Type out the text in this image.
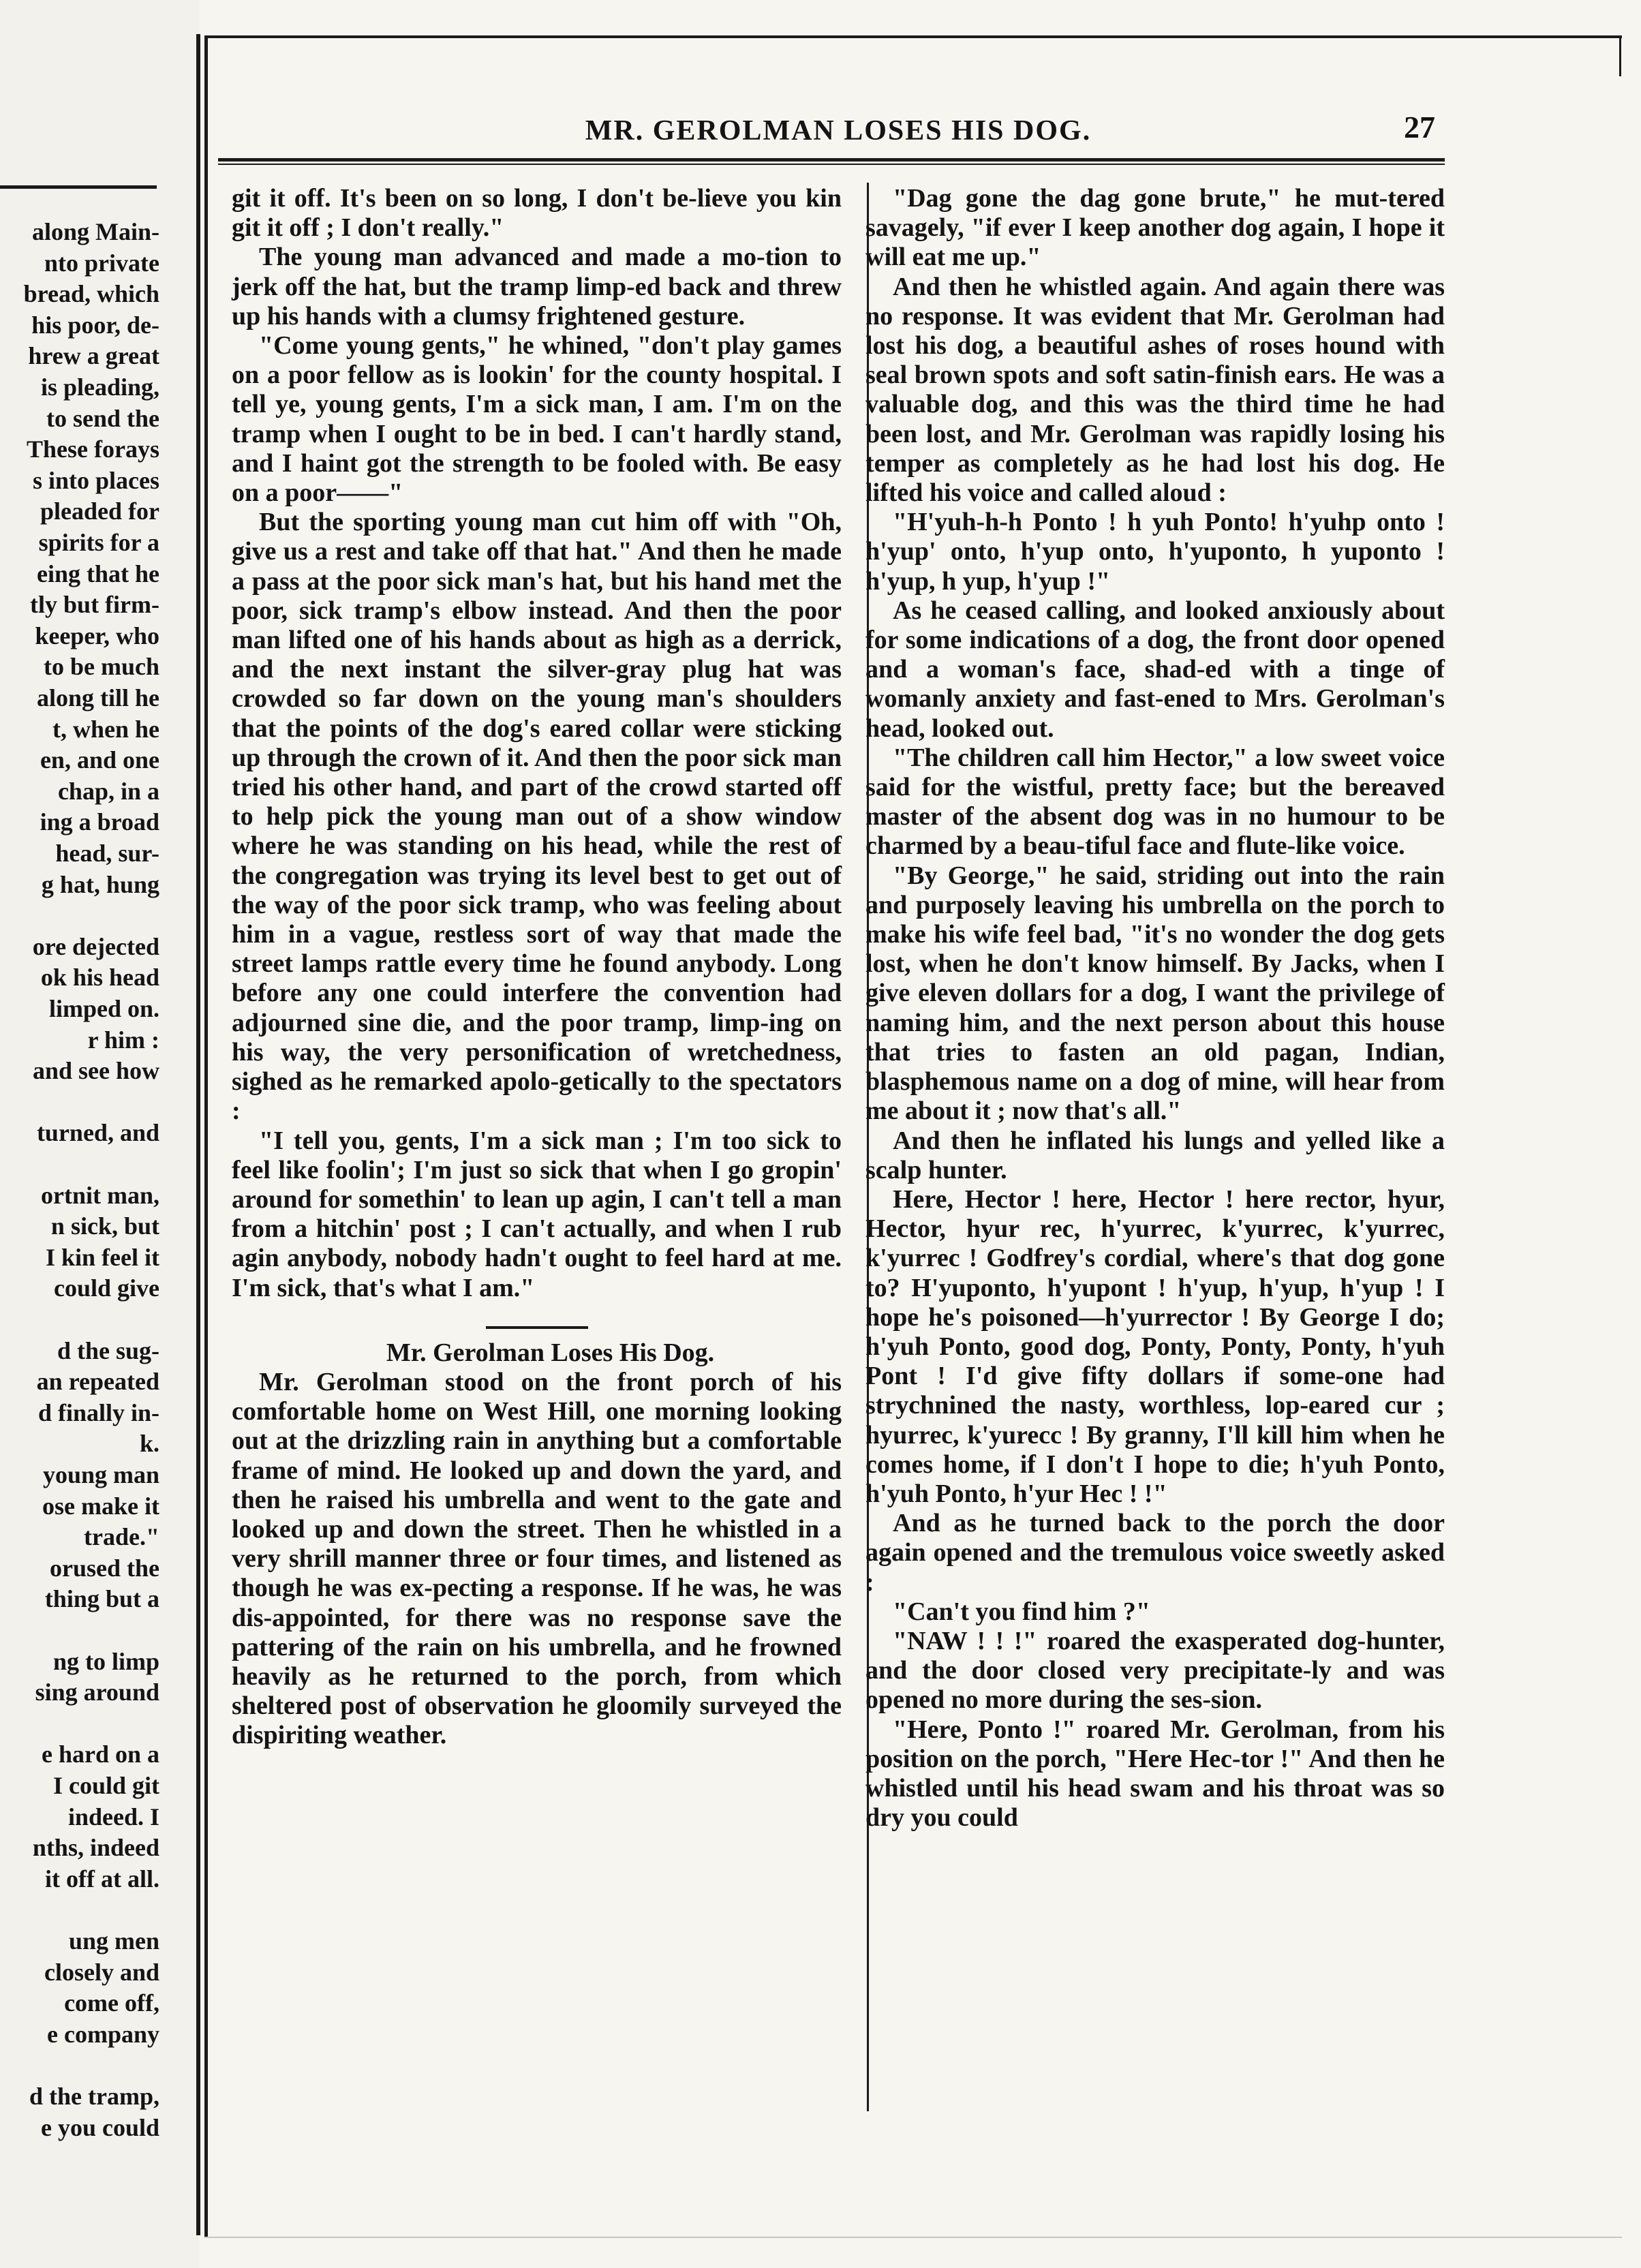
along Main-
nto private
bread, which
his poor, de-
hrew a great
is pleading,
to send the
These forays
s into places
pleaded for
spirits for a
eing that he
tly but firm-
keeper, who
to be much
along till he
t, when he
en, and one
chap, in a
ing a broad
head, sur-
g hat, hung
ore dejected
ok his head
limped on.
r him :
and see how
turned, and
ortnit man,
n sick, but
I kin feel it
could give
d the sug-
an repeated
d finally in-
k.
young man
ose make it
trade."
orused the
thing but a
ng to limp
sing around
e hard on a
I could git
indeed. I
nths, indeed
it off at all.
ung men
closely and
come off,
e company
d the tramp,
e you could
MR. GEROLMAN LOSES HIS DOG.	27

git it off. It's been on so long, I don't be-lieve you kin git it off ; I don't really."

The young man advanced and made a mo-tion to jerk off the hat, but the tramp limp-ed back and threw up his hands with a clumsy frightened gesture.

"Come young gents," he whined, "don't play games on a poor fellow as is lookin' for the county hospital. I tell ye, young gents, I'm a sick man, I am. I'm on the tramp when I ought to be in bed. I can't hardly stand, and I haint got the strength to be fooled with. Be easy on a poor——"

But the sporting young man cut him off with "Oh, give us a rest and take off that hat." And then he made a pass at the poor sick man's hat, but his hand met the poor, sick tramp's elbow instead. And then the poor man lifted one of his hands about as high as a derrick, and the next instant the silver-gray plug hat was crowded so far down on the young man's shoulders that the points of the dog's eared collar were sticking up through the crown of it. And then the poor sick man tried his other hand, and part of the crowd started off to help pick the young man out of a show window where he was standing on his head, while the rest of the congregation was trying its level best to get out of the way of the poor sick tramp, who was feeling about him in a vague, restless sort of way that made the street lamps rattle every time he found anybody. Long before any one could interfere the convention had adjourned sine die, and the poor tramp, limp-ing on his way, the very personification of wretchedness, sighed as he remarked apolo-getically to the spectators :

"I tell you, gents, I'm a sick man ; I'm too sick to feel like foolin'; I'm just so sick that when I go gropin' around for somethin' to lean up agin, I can't tell a man from a hitchin' post ; I can't actually, and when I rub agin anybody, nobody hadn't ought to feel hard at me. I'm sick, that's what I am."

Mr. Gerolman Loses His Dog.

Mr. Gerolman stood on the front porch of his comfortable home on West Hill, one morning looking out at the drizzling rain in anything but a comfortable frame of mind. He looked up and down the yard, and then he raised his umbrella and went to the gate and looked up and down the street. Then he whistled in a very shrill manner three or four times, and listened as though he was ex-pecting a response. If he was, he was dis-appointed, for there was no response save the pattering of the rain on his umbrella, and he frowned heavily as he returned to the porch, from which sheltered post of observation he gloomily surveyed the dispiriting weather.

"Dag gone the dag gone brute," he mut-tered savagely, "if ever I keep another dog again, I hope it will eat me up."

And then he whistled again. And again there was no response. It was evident that Mr. Gerolman had lost his dog, a beautiful ashes of roses hound with seal brown spots and soft satin-finish ears. He was a valuable dog, and this was the third time he had been lost, and Mr. Gerolman was rapidly losing his temper as completely as he had lost his dog. He lifted his voice and called aloud :

"H'yuh-h-h Ponto ! h yuh Ponto! h'yuhp onto ! h'yup' onto, h'yup onto, h'yuponto, h yuponto ! h'yup, h yup, h'yup !"

As he ceased calling, and looked anxiously about for some indications of a dog, the front door opened and a woman's face, shad-ed with a tinge of womanly anxiety and fast-ened to Mrs. Gerolman's head, looked out.

"The children call him Hector," a low sweet voice said for the wistful, pretty face; but the bereaved master of the absent dog was in no humour to be charmed by a beau-tiful face and flute-like voice.

"By George," he said, striding out into the rain and purposely leaving his umbrella on the porch to make his wife feel bad, "it's no wonder the dog gets lost, when he don't know himself. By Jacks, when I give eleven dollars for a dog, I want the privilege of naming him, and the next person about this house that tries to fasten an old pagan, Indian, blasphemous name on a dog of mine, will hear from me about it ; now that's all."

And then he inflated his lungs and yelled like a scalp hunter.

Here, Hector ! here, Hector ! here rector, hyur, Hector, hyur rec, h'yurrec, k'yurrec, k'yurrec, k'yurrec ! Godfrey's cordial, where's that dog gone to? H'yuponto, h'yupont ! h'yup, h'yup, h'yup ! I hope he's poisoned—h'yurrector ! By George I do; h'yuh Ponto, good dog, Ponty, Ponty, Ponty, h'yuh Pont ! I'd give fifty dollars if some-one had strychnined the nasty, worthless, lop-eared cur ; hyurrec, k'yurecc ! By granny, I'll kill him when he comes home, if I don't I hope to die; h'yuh Ponto, h'yuh Ponto, h'yur Hec ! !"

And as he turned back to the porch the door again opened and the tremulous voice sweetly asked :

"Can't you find him ?"

"NAW ! ! !" roared the exasperated dog-hunter, and the door closed very precipitate-ly and was opened no more during the ses-sion.

"Here, Ponto !" roared Mr. Gerolman, from his position on the porch, "Here Hec-tor !" And then he whistled until his head swam and his throat was so dry you could
